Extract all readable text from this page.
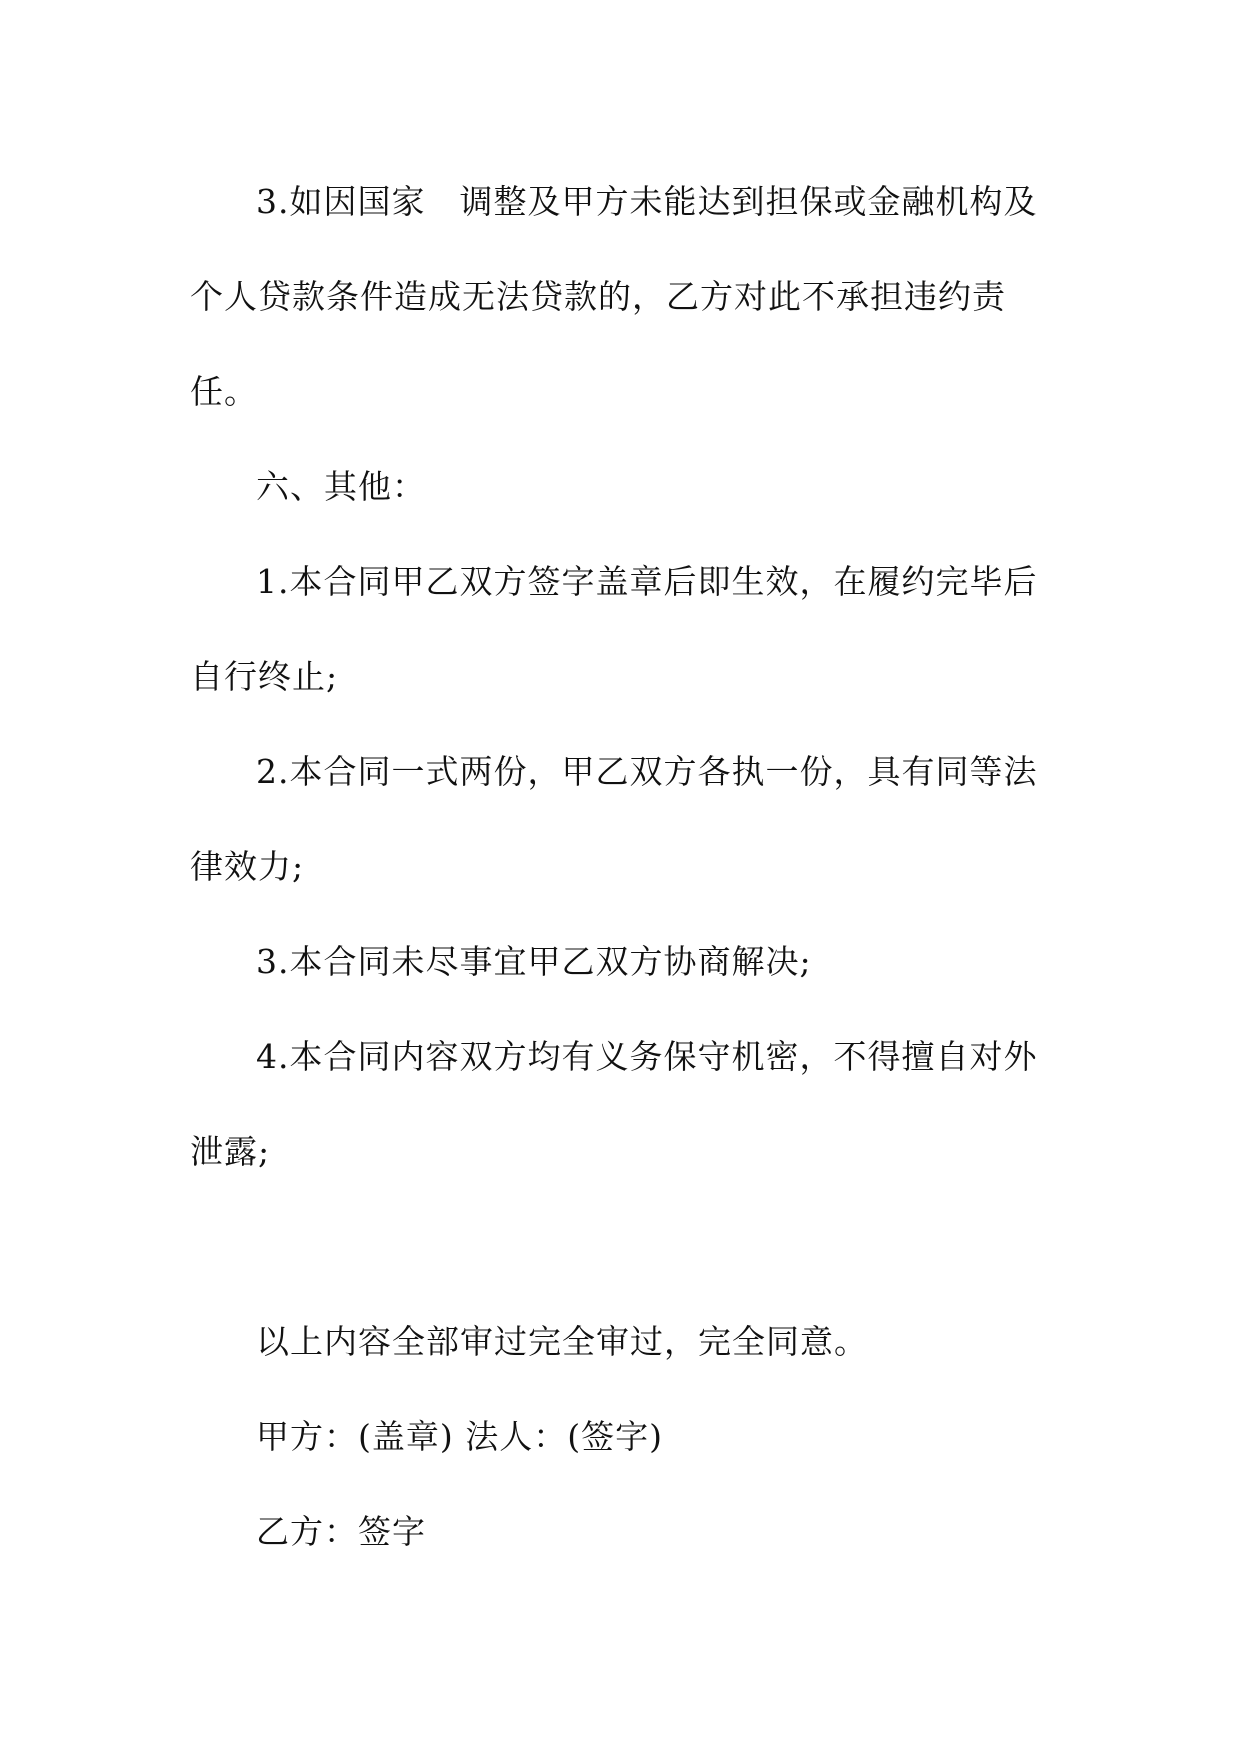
3.如因国家　调整及甲方未能达到担保或金融机构及
个人贷款条件造成无法贷款的，乙方对此不承担违约责
任。
六、其他：
1.本合同甲乙双方签字盖章后即生效，在履约完毕后
自行终止;
2.本合同一式两份，甲乙双方各执一份，具有同等法
律效力;
3.本合同未尽事宜甲乙双方协商解决;
4.本合同内容双方均有义务保守机密，不得擅自对外
泄露;
以上内容全部审过完全审过，完全同意。
甲方：(盖章) 法人：(签字)
乙方：签字
